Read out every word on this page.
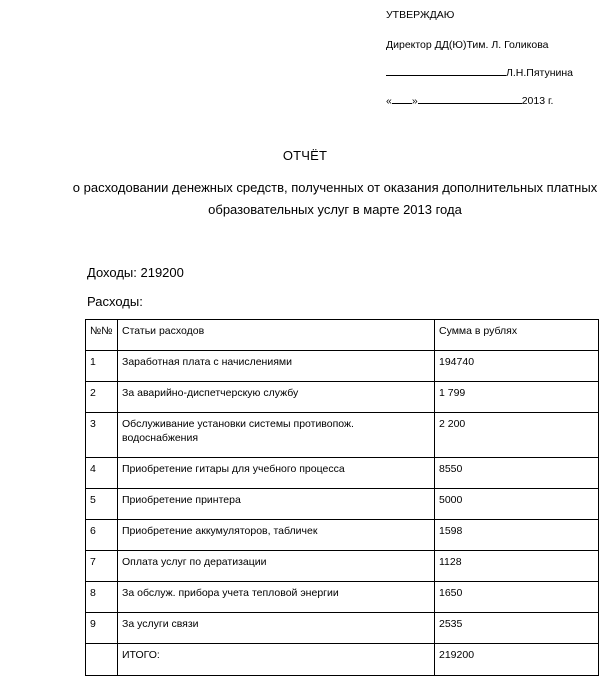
УТВЕРЖДАЮ
Директор ДД(Ю)Тим. Л. Голикова
Л.Н.Пятунина
« »	2013 г.
ОТЧЁТ
о расходовании денежных средств, полученных от оказания дополнительных платных образовательных услуг в марте 2013 года
Доходы: 219200
Расходы:
№№	Статьи расходов	Сумма в рублях
1	Заработная плата с начислениями	194740
2	За аварийно-диспетчерскую службу	1 799
3	Обслуживание установки системы противопож. водоснабжения	2 200
4	Приобретение гитары для учебного процесса	8550
5	Приобретение принтера	5000
6	Приобретение аккумуляторов, табличек	1598
7	Оплата услуг по дератизации	1128
8	За обслуж. прибора учета тепловой энергии	1650
9	За услуги связи	2535
	ИТОГО:	219200
